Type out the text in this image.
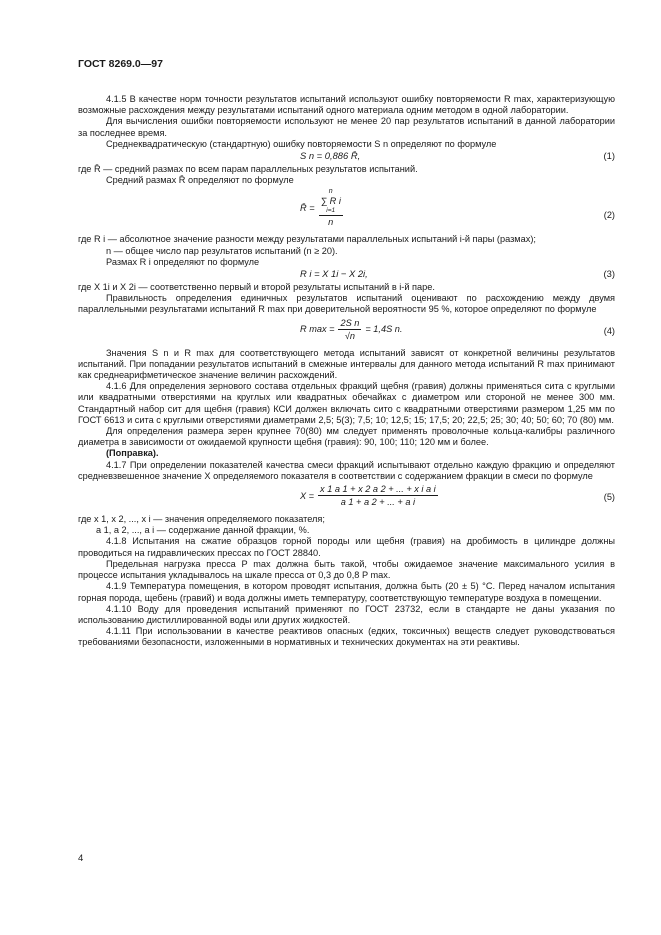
ГОСТ 8269.0—97

4.1.5 В качестве норм точности результатов испытаний используют ошибку повторяемости R max, характеризующую возможные расхождения между результатами испытаний одного материала одним методом в одной лаборатории.

Для вычисления ошибки повторяемости используют не менее 20 пар результатов испытаний в данной лаборатории за последнее время.

Среднеквадратическую (стандартную) ошибку повторяемости S n определяют по формуле

S n = 0,886 R̄,	(1)

где R̄ — средний размах по всем парам параллельных результатов испытаний.

Средний размах R̄ определяют по формуле

R̄ = n
∑ R i
i=1
n	(2)

где R i — абсолютное значение разности между результатами параллельных испытаний i-й пары (размах);

n — общее число пар результатов испытаний (n ≥ 20).

Размах R i определяют по формуле

R i = X 1i − X 2i,	(3)

где X 1i и X 2i — соответственно первый и второй результаты испытаний в i-й паре.

Правильность определения единичных результатов испытаний оценивают по расхождению между двумя параллельными результатами испытаний R max при доверительной вероятности 95 %, которое определяют по формуле

R $\max = \frac{\text{2S n}}{√n} = 1,4S$ n.	(4)

Значения S n и R max для соответствующего метода испытаний зависят от конкретной величины результатов испытаний. При попадании результатов испытаний в смежные интервалы для данного метода испытаний R max принимают как среднеарифметическое значение величин расхождений.

4.1.6 Для определения зернового состава отдельных фракций щебня (гравия) должны применяться сита с круглыми или квадратными отверстиями на круглых или квадратных обечайках с диаметром или стороной не менее 300 мм. Стандартный набор сит для щебня (гравия) КСИ должен включать сито с квадратными отверстиями размером 1,25 мм по ГОСТ 6613 и сита с круглыми отверстиями диаметрами 2,5; 5(3); 7,5; 10; 12,5; 15; 17,5; 20; 22,5; 25; 30; 40; 50; 60; 70 (80) мм.

Для определения размера зерен крупнее 70(80) мм следует применять проволочные кольца-калибры различного диаметра в зависимости от ожидаемой крупности щебня (гравия): 90, 100; 110; 120 мм и более.

(Поправка).

4.1.7 При определении показателей качества смеси фракций испытывают отдельно каждую фракцию и определяют средневзвешенное значение X определяемого показателя в соответствии с содержанием фракции в смеси по формуле

$X = \frac{\text{x 1 a 1 + x 2 a 2 + ... + x i a i}}{\text{a 1 + a 2 + ... + a i}}$	(5)

где x 1, x 2, ..., x i — значения определяемого показателя;

a 1, a 2, ..., a i — содержание данной фракции, %.

4.1.8 Испытания на сжатие образцов горной породы или щебня (гравия) на дробимость в цилиндре должны проводиться на гидравлических прессах по ГОСТ 28840.

Предельная нагрузка пресса P max должна быть такой, чтобы ожидаемое значение максимального усилия в процессе испытания укладывалось на шкале пресса от 0,3 до 0,8 P max.

4.1.9 Температура помещения, в котором проводят испытания, должна быть (20 ± 5) °С. Перед началом испытания горная порода, щебень (гравий) и вода должны иметь температуру, соответствующую температуре воздуха в помещении.

4.1.10 Воду для проведения испытаний применяют по ГОСТ 23732, если в стандарте не даны указания по использованию дистиллированной воды или других жидкостей.

4.1.11 При использовании в качестве реактивов опасных (едких, токсичных) веществ следует руководствоваться требованиями безопасности, изложенными в нормативных и технических документах на эти реактивы.

4
